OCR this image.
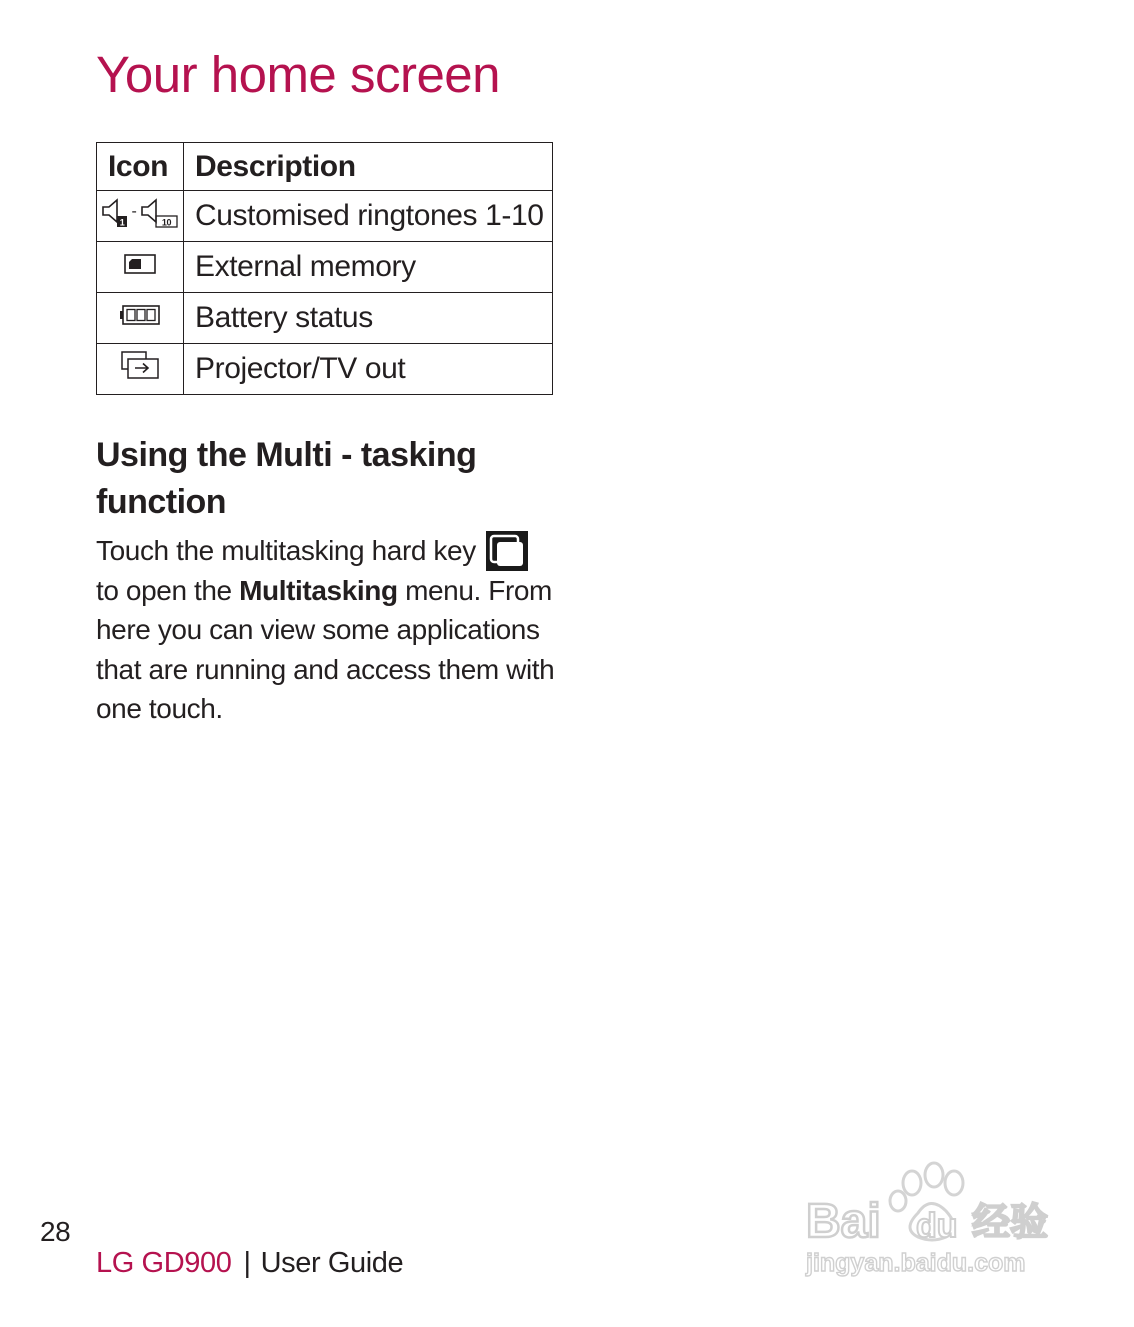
Your home screen
Icon	Description

1
-
10	Customised ringtones 1-10
	External memory
	Battery status
	Projector/TV out
Using the Multi - tasking function

Touch the multitasking hard key
to open the Multitasking menu. From here you can view some applications that are running and access them with one touch.

28
LG GD900 | User Guide
Bai du 经验
jingyan.baidu.com
